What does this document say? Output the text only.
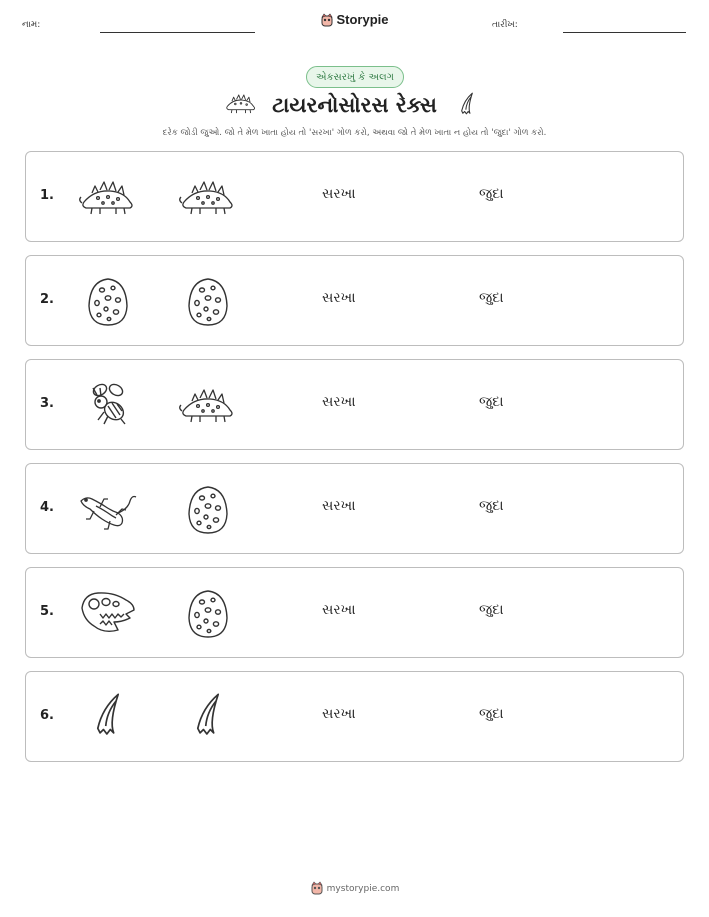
નામ:	Storypie	તારીખ:
એકસરખું કે અલગ
ટાયરનોસોરસ રેક્સ
દરેક જોડી જુઓ. જો તે મેળ ખાતા હોય તો 'સરખા' ગોળ કરો, અથવા જો તે મેળ ખાતા ન હોય તો 'જુદા' ગોળ કરો.
1.	સરખા	જુદા
2.	સરખા	જુદા
3.	સરખા	જુદા
4.	સરખા	જુદા
5.	સરખા	જુદા
6.	સરખા	જુદા
mystorypie.com
